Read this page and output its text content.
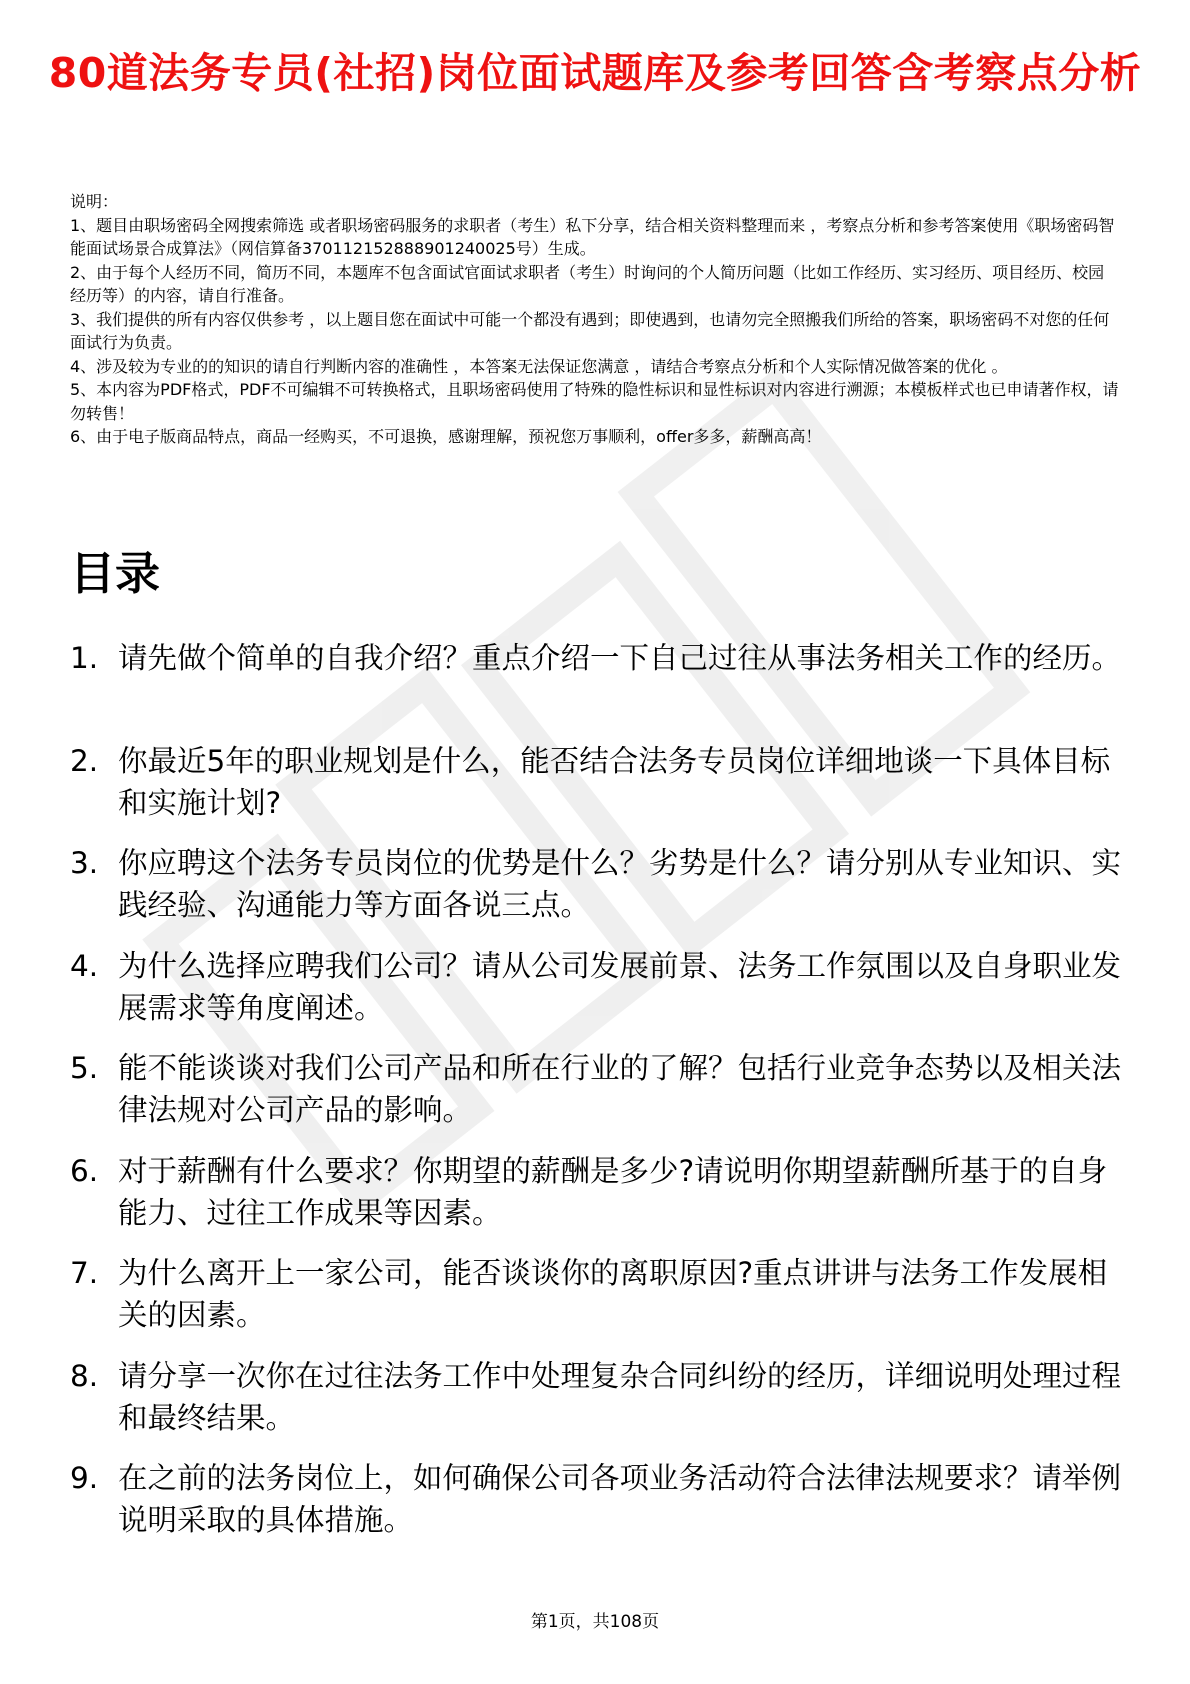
80道法务专员(社招)岗位面试题库及参考回答含考察点分析
说明：
1、题目由职场密码全网搜索筛选 或者职场密码服务的求职者（考生）私下分享，结合相关资料整理而来 ，考察点分析和参考答案使用《职场密码智能面试场景合成算法》（网信算备370112152888901240025号）生成。
2、由于每个人经历不同，简历不同，本题库不包含面试官面试求职者（考生）时询问的个人简历问题（比如工作经历、实习经历、项目经历、校园经历等）的内容，请自行准备。
3、我们提供的所有内容仅供参考 ，以上题目您在面试中可能一个都没有遇到；即使遇到，也请勿完全照搬我们所给的答案，职场密码不对您的任何面试行为负责。
4、涉及较为专业的的知识的请自行判断内容的准确性 ，本答案无法保证您满意 ，请结合考察点分析和个人实际情况做答案的优化 。
5、本内容为PDF格式，PDF不可编辑不可转换格式，且职场密码使用了特殊的隐性标识和显性标识对内容进行溯源；本模板样式也已申请著作权，请勿转售！
6、由于电子版商品特点，商品一经购买，不可退换，感谢理解，预祝您万事顺利，offer多多，薪酬高高！
目录
1. 请先做个简单的自我介绍？重点介绍一下自己过往从事法务相关工作的经历。
2. 你最近5年的职业规划是什么，能否结合法务专员岗位详细地谈一下具体目标和实施计划?
3. 你应聘这个法务专员岗位的优势是什么？劣势是什么？请分别从专业知识、实践经验、沟通能力等方面各说三点。
4. 为什么选择应聘我们公司？请从公司发展前景、法务工作氛围以及自身职业发展需求等角度阐述。
5. 能不能谈谈对我们公司产品和所在行业的了解？包括行业竞争态势以及相关法律法规对公司产品的影响。
6. 对于薪酬有什么要求？你期望的薪酬是多少?请说明你期望薪酬所基于的自身能力、过往工作成果等因素。
7. 为什么离开上一家公司，能否谈谈你的离职原因?重点讲讲与法务工作发展相关的因素。
8. 请分享一次你在过往法务工作中处理复杂合同纠纷的经历，详细说明处理过程和最终结果。
9. 在之前的法务岗位上，如何确保公司各项业务活动符合法律法规要求？请举例说明采取的具体措施。
第1页，共108页
